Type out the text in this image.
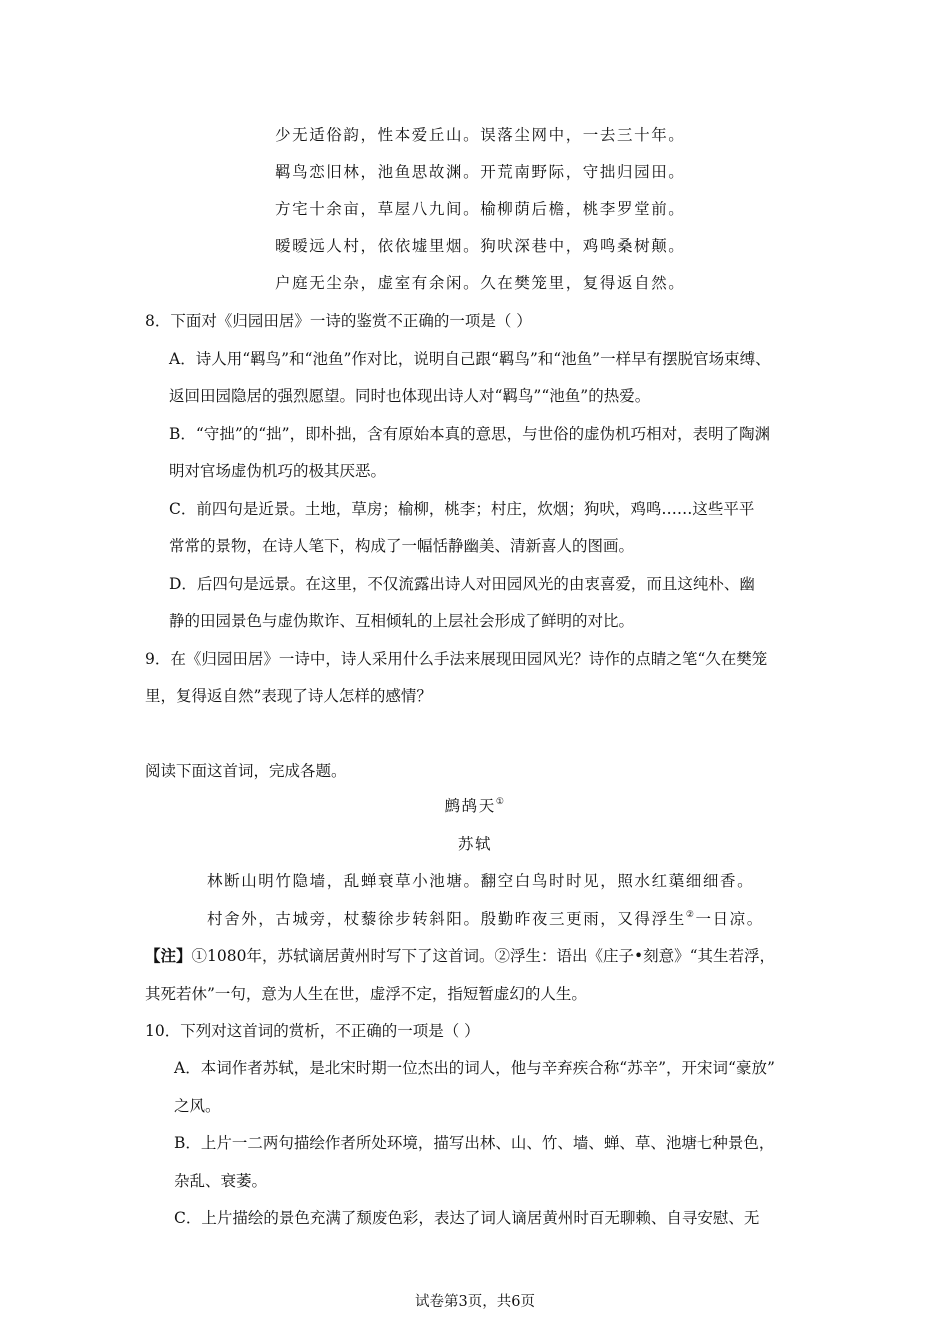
少无适俗韵，性本爱丘山。误落尘网中，一去三十年。
羁鸟恋旧林，池鱼思故渊。开荒南野际，守拙归园田。
方宅十余亩，草屋八九间。榆柳荫后檐，桃李罗堂前。
暧暧远人村，依依墟里烟。狗吠深巷中，鸡鸣桑树颠。
户庭无尘杂，虚室有余闲。久在樊笼里，复得返自然。
8．下面对《归园田居》一诗的鉴赏不正确的一项是（ ）
A．诗人用“羁鸟”和“池鱼”作对比，说明自己跟“羁鸟”和“池鱼”一样早有摆脱官场束缚、
返回田园隐居的强烈愿望。同时也体现出诗人对“羁鸟”“池鱼”的热爱。
B．“守拙”的“拙”，即朴拙，含有原始本真的意思，与世俗的虚伪机巧相对，表明了陶渊
明对官场虚伪机巧的极其厌恶。
C．前四句是近景。土地，草房；榆柳，桃李；村庄，炊烟；狗吠，鸡鸣……这些平平
常常的景物，在诗人笔下，构成了一幅恬静幽美、清新喜人的图画。
D．后四句是远景。在这里，不仅流露出诗人对田园风光的由衷喜爱，而且这纯朴、幽
静的田园景色与虚伪欺诈、互相倾轧的上层社会形成了鲜明的对比。
9．在《归园田居》一诗中，诗人采用什么手法来展现田园风光？诗作的点睛之笔“久在樊笼
里，复得返自然”表现了诗人怎样的感情？
阅读下面这首词，完成各题。
鹧鸪天①
苏轼
林断山明竹隐墙，乱蝉衰草小池塘。翻空白鸟时时见，照水红蕖细细香。
村舍外，古城旁，杖藜徐步转斜阳。殷勤昨夜三更雨，又得浮生②一日凉。
【注】①1080年，苏轼谪居黄州时写下了这首词。②浮生：语出《庄子•刻意》“其生若浮，
其死若休”一句，意为人生在世，虚浮不定，指短暂虚幻的人生。
10．下列对这首词的赏析，不正确的一项是（ ）
A．本词作者苏轼，是北宋时期一位杰出的词人，他与辛弃疾合称“苏辛”，开宋词“豪放”
之风。
B．上片一二两句描绘作者所处环境，描写出林、山、竹、墙、蝉、草、池塘七种景色，
杂乱、衰萎。
C．上片描绘的景色充满了颓废色彩，表达了词人谪居黄州时百无聊赖、自寻安慰、无
试卷第3页，共6页
